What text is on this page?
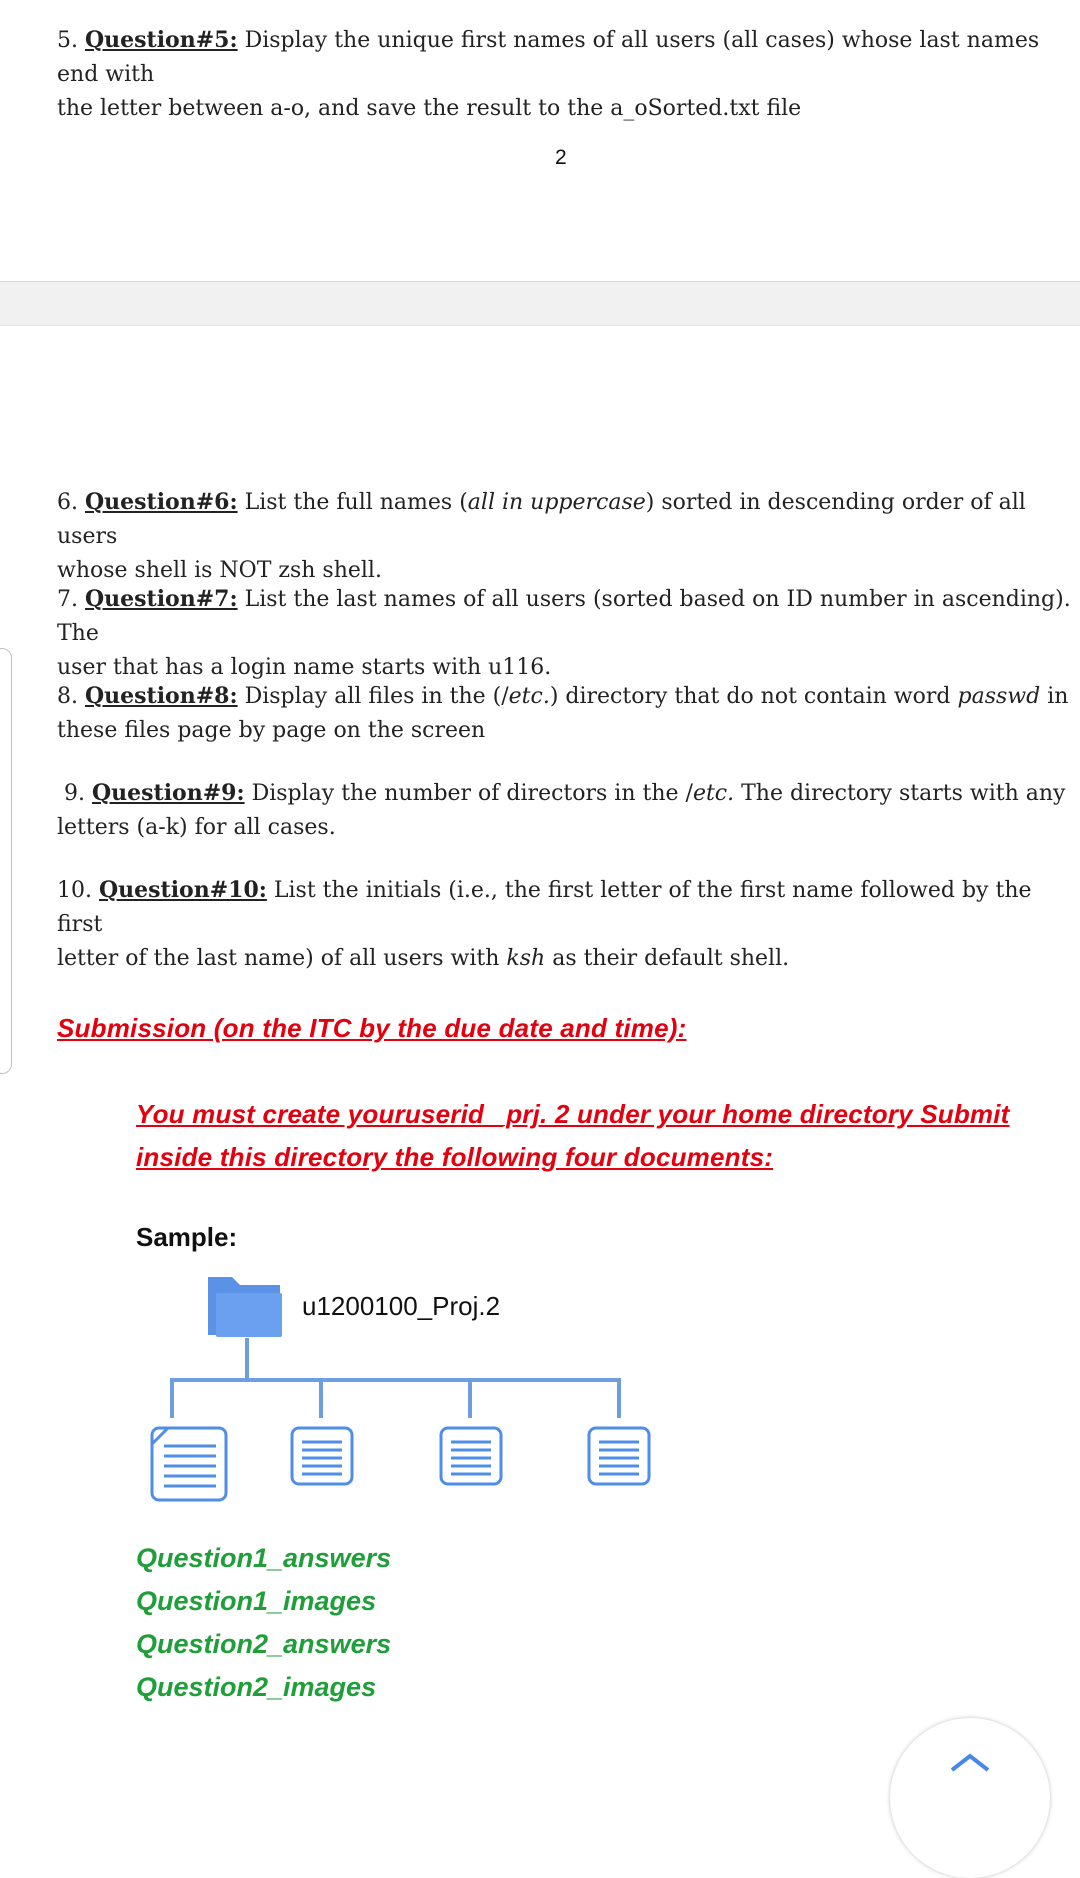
5. Question#5: Display the unique first names of all users (all cases) whose last names end with
the letter between a-o, and save the result to the a_oSorted.txt file
2
6. Question#6: List the full names (all in uppercase) sorted in descending order of all users
whose shell is NOT zsh shell.
7. Question#7: List the last names of all users (sorted based on ID number in ascending). The
user that has a login name starts with u116.
8. Question#8: Display all files in the (/etc.) directory that do not contain word passwd in
these files page by page on the screen
9. Question#9: Display the number of directors in the /etc. The directory starts with any
letters (a-k) for all cases.
10. Question#10: List the initials (i.e., the first letter of the first name followed by the first
letter of the last name) of all users with ksh as their default shell.
Submission (on the ITC by the due date and time):
You must create youruserid _prj. 2 under your home directory Submit
inside this directory the following four documents:
Sample:
u1200100_Proj.2
Question1_answers
Question1_images
Question2_answers
Question2_images
